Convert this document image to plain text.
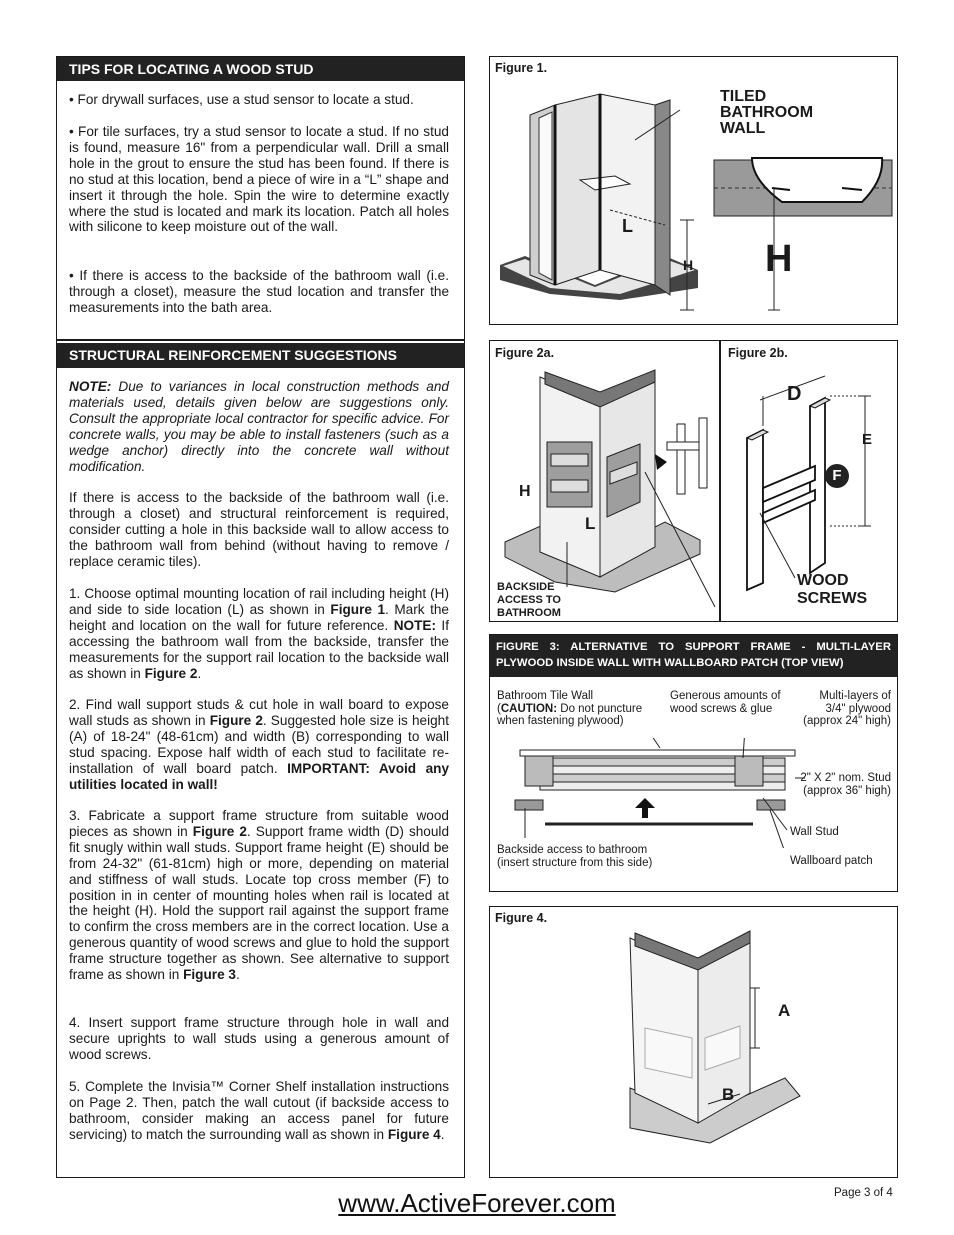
TIPS FOR LOCATING A WOOD STUD

• For drywall surfaces, use a stud sensor to locate a stud.

• For tile surfaces, try a stud sensor to locate a stud. If no stud is found, measure 16" from a perpendicular wall. Drill a small hole in the grout to ensure the stud has been found. If there is no stud at this location, bend a piece of wire in a “L” shape and insert it through the hole. Spin the wire to determine exactly where the stud is located and mark its location. Patch all holes with silicone to keep moisture out of the wall.

• If there is access to the backside of the bathroom wall (i.e. through a closet), measure the stud location and transfer the measurements into the bath area.

STRUCTURAL REINFORCEMENT SUGGESTIONS

NOTE: Due to variances in local construction methods and materials used, details given below are suggestions only. Consult the appropriate local contractor for specific advice. For concrete walls, you may be able to install fasteners (such as a wedge anchor) directly into the concrete wall without modification.

If there is access to the backside of the bathroom wall (i.e. through a closet) and structural reinforcement is required, consider cutting a hole in this backside wall to allow access to the bathroom wall from behind (without having to remove / replace ceramic tiles).

1. Choose optimal mounting location of rail including height (H) and side to side location (L) as shown in Figure 1. Mark the height and location on the wall for future reference. NOTE: If accessing the bathroom wall from the backside, transfer the measurements for the support rail location to the backside wall as shown in Figure 2.

2. Find wall support studs & cut hole in wall board to expose wall studs as shown in Figure 2. Suggested hole size is height (A) of 18-24" (48-61cm) and width (B) corresponding to wall stud spacing. Expose half width of each stud to facilitate re-installation of wall board patch. IMPORTANT: Avoid any utilities located in wall!

3. Fabricate a support frame structure from suitable wood pieces as shown in Figure 2. Support frame width (D) should fit snugly within wall studs. Support frame height (E) should be from 24-32" (61-81cm) high or more, depending on material and stiffness of wall studs. Locate top cross member (F) to position in in center of mounting holes when rail is located at the height (H). Hold the support rail against the support frame to confirm the cross members are in the correct location. Use a generous quantity of wood screws and glue to hold the support frame structure together as shown. See alternative to support frame as shown in Figure 3.

4. Insert support frame structure through hole in wall and secure uprights to wall studs using a generous amount of wood screws.

5. Complete the Invisia™ Corner Shelf installation instructions on Page 2. Then, patch the wall cutout (if backside access to bathroom, consider making an access panel for future servicing) to match the surrounding wall as shown in Figure 4.

Figure 1.
TILED
BATHROOM
WALL
L
H H
Figure 2a.	Figure 2b.
H
L
BACKSIDE
ACCESS TO
BATHROOM
D
E
F
WOOD
SCREWS
FIGURE 3: ALTERNATIVE TO SUPPORT FRAME - MULTI-LAYER PLYWOOD INSIDE WALL WITH WALLBOARD PATCH (TOP VIEW)
Bathroom Tile Wall
(CAUTION: Do not puncture when fastening plywood)
Generous amounts of
wood screws & glue
Multi-layers of
3/4" plywood
(approx 24" high)
2" X 2" nom. Stud
(approx 36" high)
Wall Stud
Backside access to bathroom
(insert structure from this side)	Wallboard patch
Figure 4.
A
B
Page 3 of 4
www.ActiveForever.com
